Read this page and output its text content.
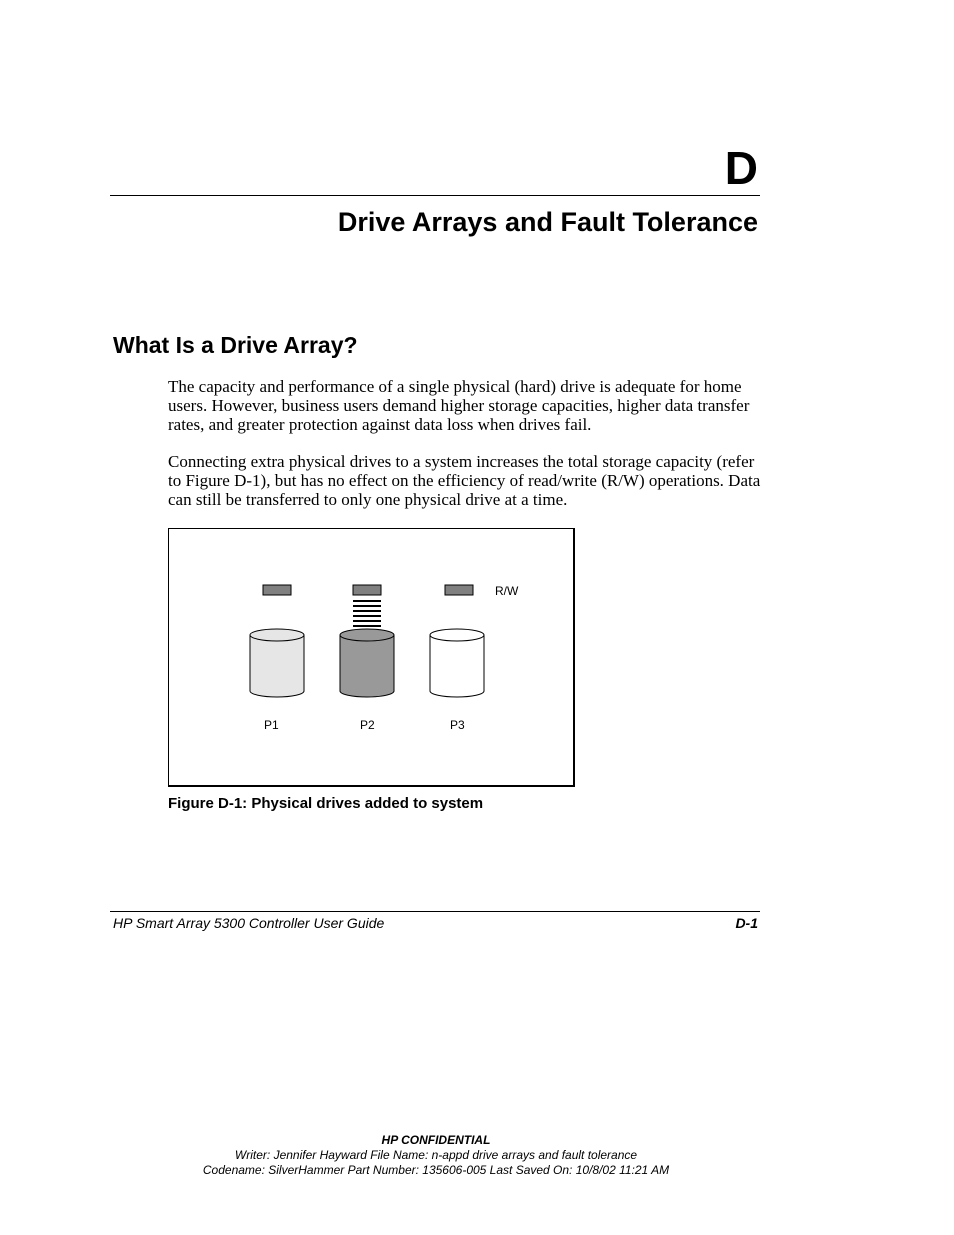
D
Drive Arrays and Fault Tolerance
What Is a Drive Array?

The capacity and performance of a single physical (hard) drive is adequate for home users. However, business users demand higher storage capacities, higher data transfer rates, and greater protection against data loss when drives fail.

Connecting extra physical drives to a system increases the total storage capacity (refer to Figure D-1), but has no effect on the efficiency of read/write (R/W) operations. Data can still be transferred to only one physical drive at a time.

R/W
P1	P2	P3
Figure D-1: Physical drives added to system
HP Smart Array 5300 Controller User Guide	D-1
HP CONFIDENTIAL
Writer: Jennifer Hayward File Name: n-appd drive arrays and fault tolerance
Codename: SilverHammer Part Number: 135606-005 Last Saved On: 10/8/02 11:21 AM
